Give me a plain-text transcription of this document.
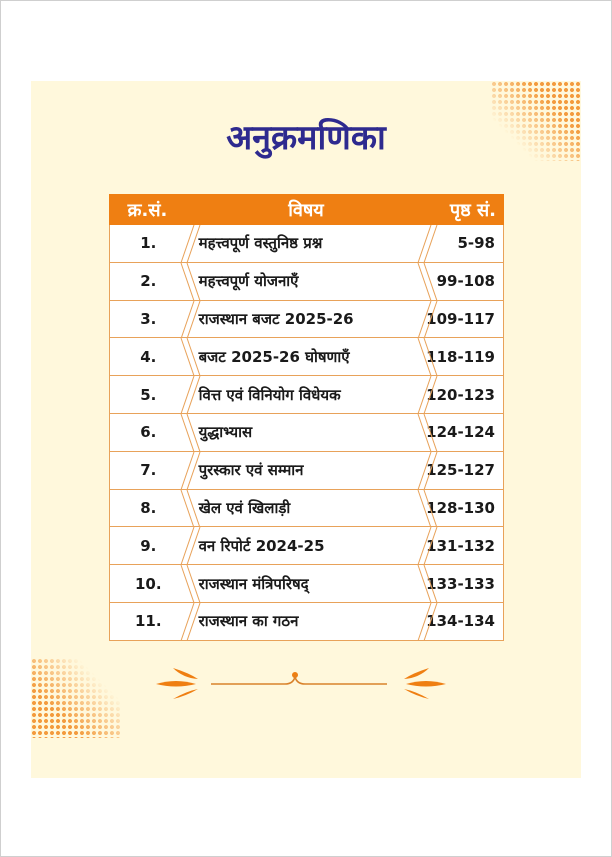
अनुक्रमणिका
क्र.सं.	विषय	पृष्ठ सं.
1.	महत्त्वपूर्ण वस्तुनिष्ठ प्रश्न	5-98
2.	महत्त्वपूर्ण योजनाएँ	99-108
3.	राजस्थान बजट 2025-26	109-117
4.	बजट 2025-26 घोषणाएँ	118-119
5.	वित्त एवं विनियोग विधेयक	120-123
6.	युद्धाभ्यास	124-124
7.	पुरस्कार एवं सम्मान	125-127
8.	खेल एवं खिलाड़ी	128-130
9.	वन रिपोर्ट 2024-25	131-132
10.	राजस्थान मंत्रिपरिषद्	133-133
11.	राजस्थान का गठन	134-134
